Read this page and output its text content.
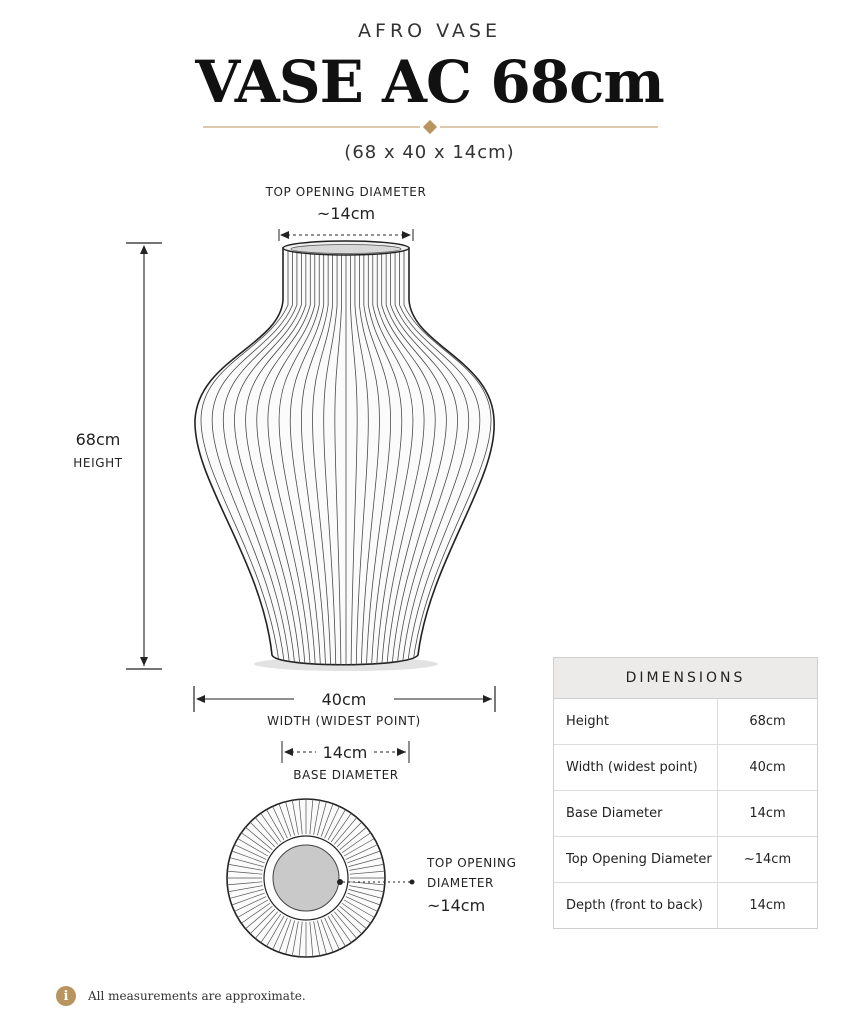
AFRO VASE
VASE AC 68cm
(68 x 40 x 14cm)
TOP OPENING DIAMETER
~14cm
68cm
HEIGHT
40cm
WIDTH (WIDEST POINT)
14cm
BASE DIAMETER
TOP OPENING
DIAMETER
~14cm
DIMENSIONS
Height	68cm
Width (widest point)	40cm
Base Diameter	14cm
Top Opening Diameter	~14cm
Depth (front to back)	14cm
i	All measurements are approximate.
